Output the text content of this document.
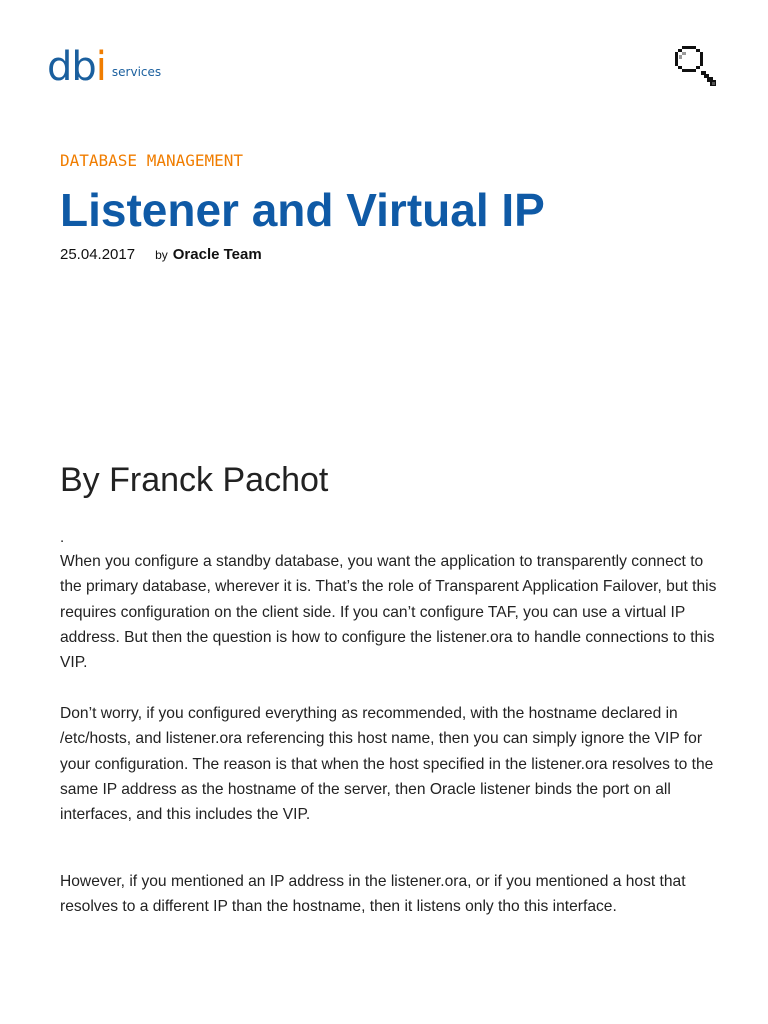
dbi services
DATABASE MANAGEMENT
Listener and Virtual IP
25.04.2017 by Oracle Team
By Franck Pachot
.

When you configure a standby database, you want the application to transparently connect to the primary database, wherever it is. That’s the role of Transparent Application Failover, but this requires configuration on the client side. If you can’t configure TAF, you can use a virtual IP address. But then the question is how to configure the listener.ora to handle connections to this VIP.

Don’t worry, if you configured everything as recommended, with the hostname declared in /etc/hosts, and listener.ora referencing this host name, then you can simply ignore the VIP for your configuration. The reason is that when the host specified in the listener.ora resolves to the same IP address as the hostname of the server, then Oracle listener binds the port on all interfaces, and this includes the VIP.

However, if you mentioned an IP address in the listener.ora, or if you mentioned a host that resolves to a different IP than the hostname, then it listens only tho this interface.
